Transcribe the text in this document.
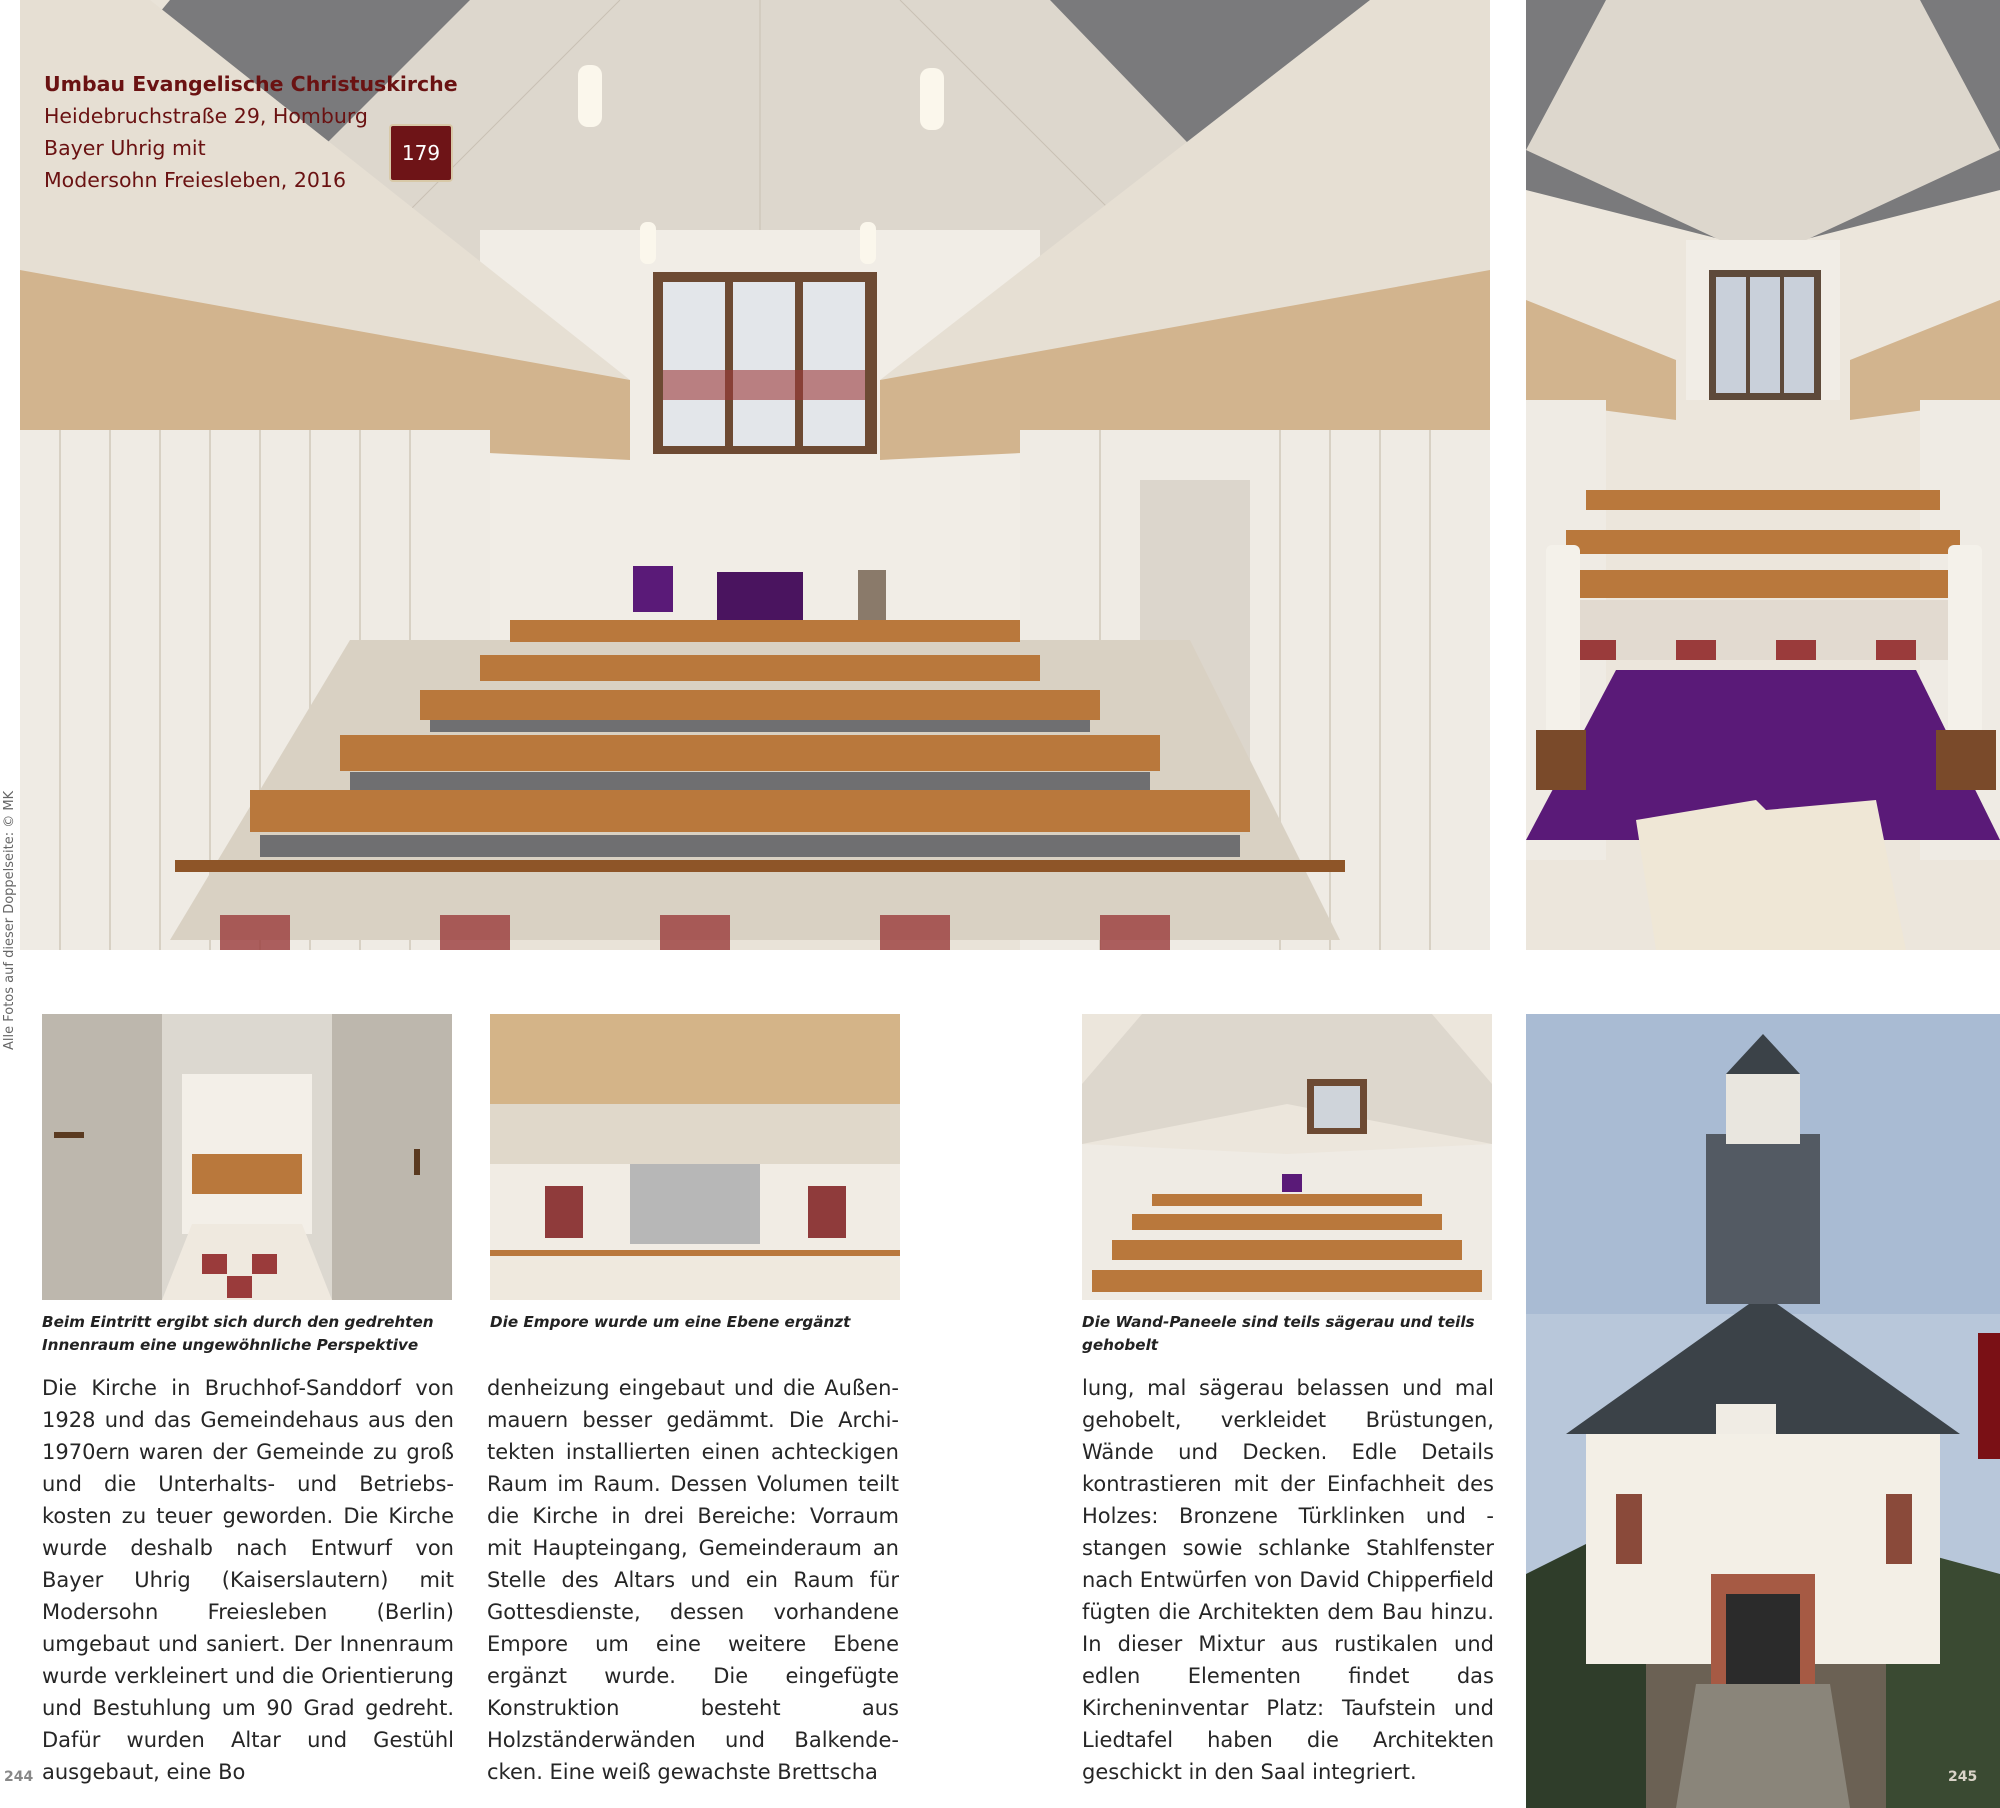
Umbau Evangelische Christuskirche
Heidebruchstraße 29, Homburg
Bayer Uhrig mit
Modersohn Freiesleben, 2016
179
Alle Fotos auf dieser Doppelseite: © MK
Beim Eintritt ergibt sich durch den gedrehten Innenraum eine ungewöhnliche Perspektive
Die Empore wurde um eine Ebene ergänzt	Die Wand-Paneele sind teils sägerau und teils gehobelt

Die Kirche in Bruchhof-Sanddorf von 1928 und das Gemeindehaus aus den 1970ern waren der Gemeinde zu groß und die Unterhalts- und Betriebskosten zu teuer geworden. Die Kirche wurde deshalb nach Entwurf von Bayer Uhrig (Kaiserslautern) mit Modersohn Freiesleben (Berlin) umgebaut und saniert. Der Innenraum wurde verkleinert und die Orientierung und Bestuhlung um 90 Grad gedreht. Dafür wurden Altar und Gestühl ausgebaut, eine Bo

denheizung eingebaut und die Außenmauern besser gedämmt. Die Architekten installierten einen achteckigen Raum im Raum. Dessen Volumen teilt die Kirche in drei Bereiche: Vorraum mit Haupteingang, Gemeinderaum an Stelle des Altars und ein Raum für Gottesdienste, dessen vorhandene Empore um eine weitere Ebene ergänzt wurde. Die eingefügte Konstruktion besteht aus Holzständerwänden und Balkendecken. Eine weiß gewachste Brettscha

lung, mal sägerau belassen und mal gehobelt, verkleidet Brüstungen, Wände und Decken. Edle Details kontrastieren mit der Einfachheit des Holzes: Bronzene Türklinken und -stangen sowie schlanke Stahlfenster nach Entwürfen von David Chipperfield fügten die Architekten dem Bau hinzu. In dieser Mixtur aus rustikalen und edlen Elementen findet das Kircheninventar Platz: Taufstein und Liedtafel haben die Architekten geschickt in den Saal integriert.

244	245
